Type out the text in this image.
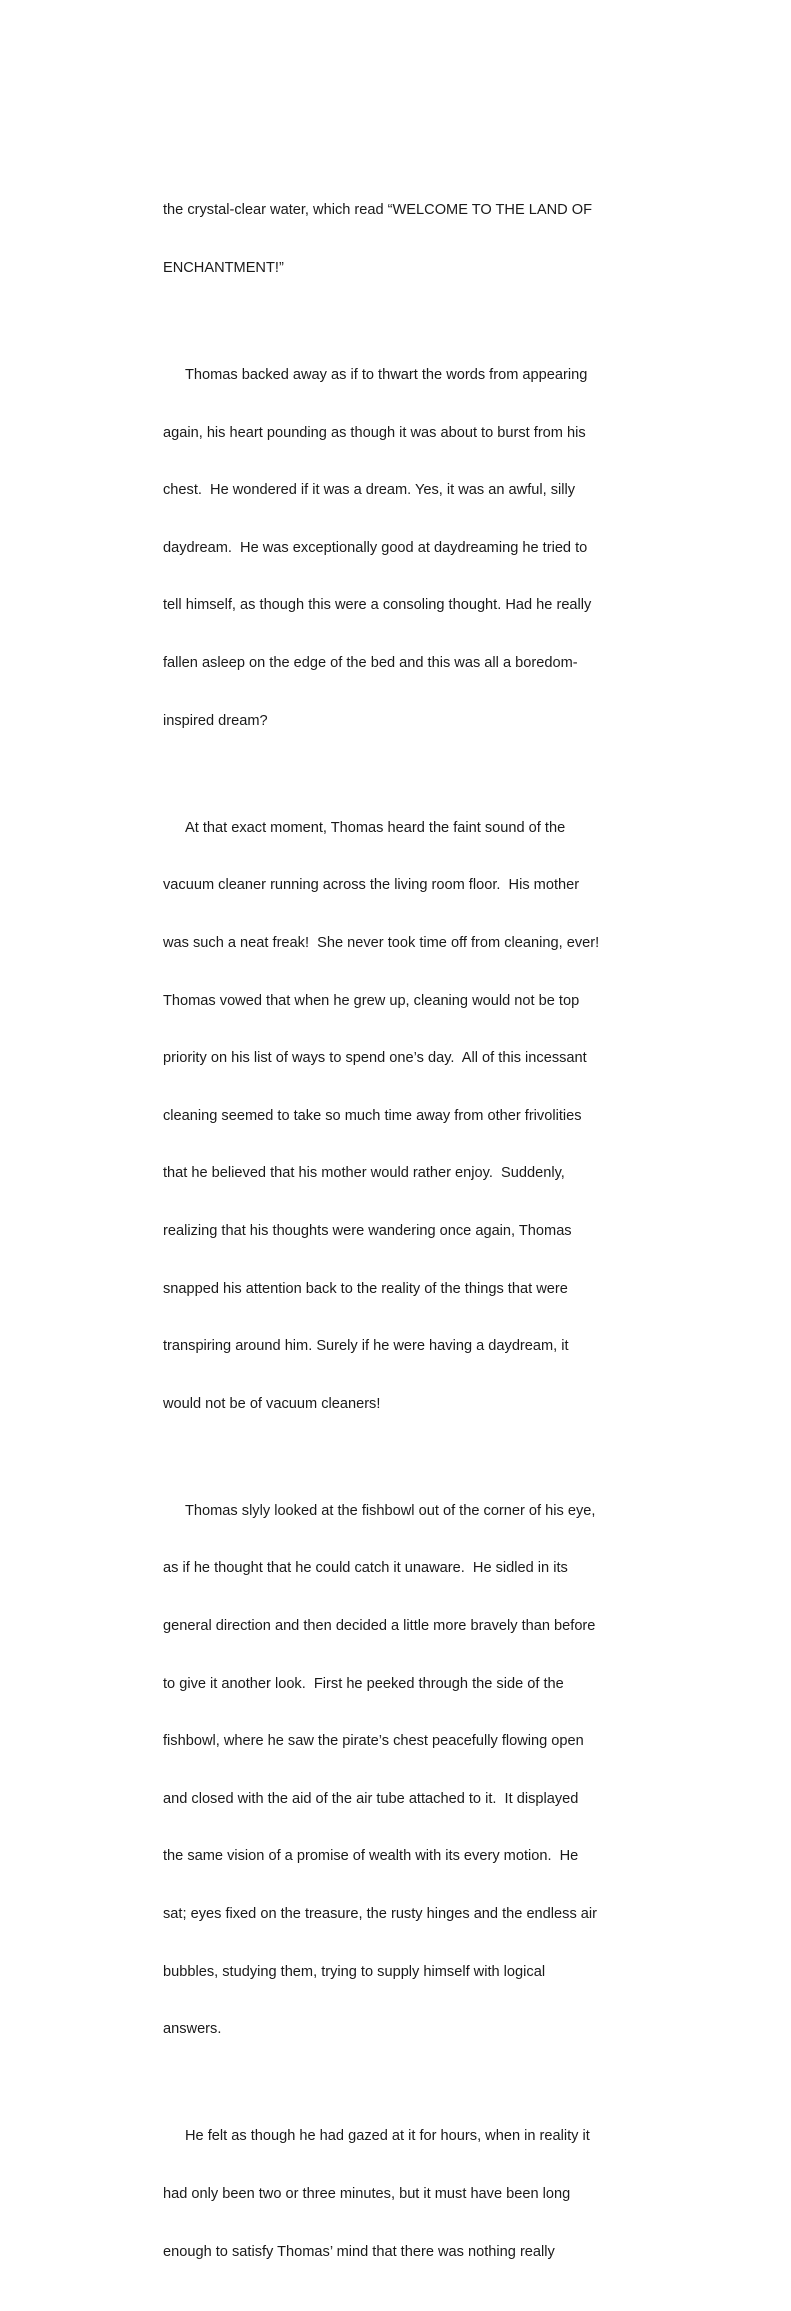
the crystal-clear water, which read “WELCOME TO THE LAND OF

ENCHANTMENT!”

Thomas backed away as if to thwart the words from appearing

again, his heart pounding as though it was about to burst from his

chest.  He wondered if it was a dream. Yes, it was an awful, silly

daydream.  He was exceptionally good at daydreaming he tried to

tell himself, as though this were a consoling thought. Had he really

fallen asleep on the edge of the bed and this was all a boredom-

inspired dream?

At that exact moment, Thomas heard the faint sound of the

vacuum cleaner running across the living room floor.  His mother

was such a neat freak!  She never took time off from cleaning, ever!

Thomas vowed that when he grew up, cleaning would not be top

priority on his list of ways to spend one’s day.  All of this incessant

cleaning seemed to take so much time away from other frivolities

that he believed that his mother would rather enjoy.  Suddenly,

realizing that his thoughts were wandering once again, Thomas

snapped his attention back to the reality of the things that were

transpiring around him. Surely if he were having a daydream, it

would not be of vacuum cleaners!

Thomas slyly looked at the fishbowl out of the corner of his eye,

as if he thought that he could catch it unaware.  He sidled in its

general direction and then decided a little more bravely than before

to give it another look.  First he peeked through the side of the

fishbowl, where he saw the pirate’s chest peacefully flowing open

and closed with the aid of the air tube attached to it.  It displayed

the same vision of a promise of wealth with its every motion.  He

sat; eyes fixed on the treasure, the rusty hinges and the endless air

bubbles, studying them, trying to supply himself with logical

answers.

He felt as though he had gazed at it for hours, when in reality it

had only been two or three minutes, but it must have been long

enough to satisfy Thomas’ mind that there was nothing really
